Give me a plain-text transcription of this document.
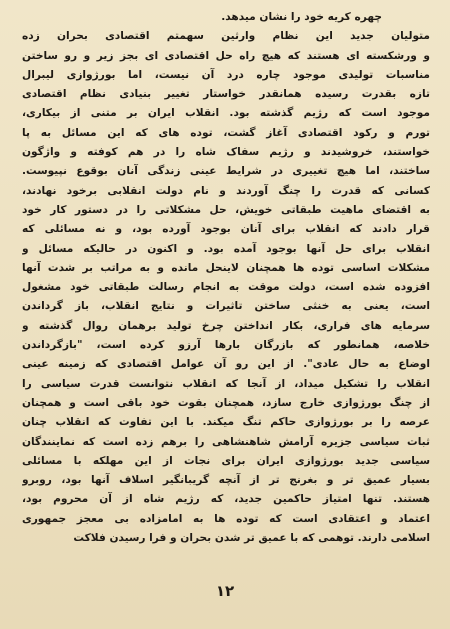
چهره کریه خود را نشان میدهد.
متولیان جدید این نظام وارثین سهمتم اقتصادی بحران زده
و ورشکسته ای هستند که هیچ راه حل اقتصادی ای بجز زیر و رو ساختن
مناسبات تولیدی موجود چاره درد آن نیست، اما بورژوازی لیبرال
تازه بقدرت رسیده همانقدر خواستار تغییر بنیادی نظام اقتصادی
موجود است که رژیم گذشته بود. انقلاب ایران بر متنی از بیکاری،
تورم و رکود اقتصادی آغاز گشت، توده های که این مسائل به پا
خواستند، خروشیدند و رژیم سفاک شاه را در هم کوفته و واژگون
ساختند، اما هیچ تغییری در شرایط عینی زندگی آنان بوقوع نپیوست.
کسانی که قدرت را چنگ آوردند و نام دولت انقلابی برخود نهادند،
به اقتضای ماهیت طبقاتی خویش، حل مشکلاتی را در دستور کار خود
قرار دادند که انقلاب برای آنان بوجود آورده بود، و نه مسائلی که
انقلاب برای حل آنها بوجود آمده بود. و اکنون در حالیکه مسائل و
مشکلات اساسی توده ها همچنان لاینحل مانده و به مراتب بر شدت آنها
افزوده شده است، دولت موقت به انجام رسالت طبقاتی خود مشغول
است، یعنی به خنثی ساختن تاثیرات و نتایج انقلاب، باز گرداندن
سرمایه های فراری، بکار انداختن چرخ تولید برهمان روال گذشته و
خلاصه، همانطور که بازرگان بارها آرزو کرده است، "بازگرداندن
اوضاع به حال عادی". از این رو آن عوامل اقتصادی که زمینه عینی
انقلاب را تشکیل میداد، از آنجا که انقلاب نتوانست قدرت سیاسی را
از چنگ بورژوازی خارج سازد، همچنان بقوت خود باقی است و همچنان
عرصه را بر بورژوازی حاکم تنگ میکند. با این تفاوت که انقلاب چنان
ثبات سیاسی جزیره آرامش شاهنشاهی را برهم زده است که نماینندگان
سیاسی جدید بورژوازی ایران برای نجات از این مهلکه با مسائلی
بسیار عمیق تر و بغرنج تر از آنچه گریبانگیر اسلاف آنها بود، روبرو
هستند. تنها امتیاز حاکمین جدید، که رژیم شاه از آن محروم بود،
اعتماد و اعتقادی است که توده ها به امامزاده بی معجز جمهوری
اسلامی دارند. توهمی که با عمیق تر شدن بحران و فرا رسیدن فلاکت
۱۲
